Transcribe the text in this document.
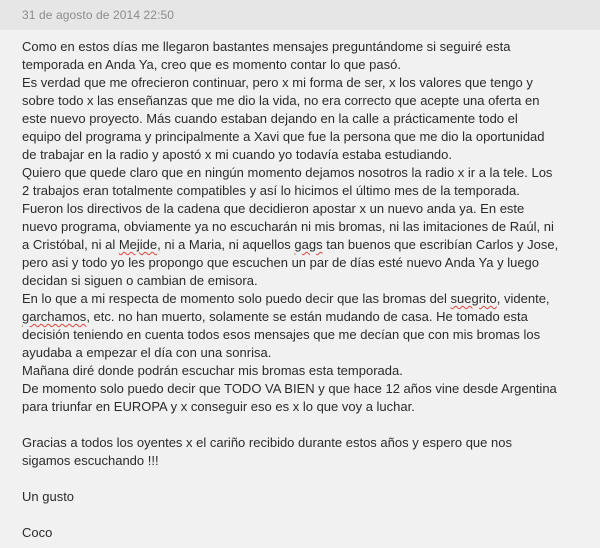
31 de agosto de 2014 22:50

Como en estos días me llegaron bastantes mensajes preguntándome si seguiré esta
temporada en Anda Ya, creo que es momento contar lo que pasó.

Es verdad que me ofrecieron continuar, pero x mi forma de ser, x los valores que tengo y
sobre todo x las enseñanzas que me dio la vida, no era correcto que acepte una oferta en
este nuevo proyecto. Más cuando estaban dejando en la calle a prácticamente todo el
equipo del programa y principalmente a Xavi que fue la persona que me dio la oportunidad
de trabajar en la radio y apostó x mi cuando yo todavía estaba estudiando.

Quiero que quede claro que en ningún momento dejamos nosotros la radio x ir a la tele. Los
2 trabajos eran totalmente compatibles y así lo hicimos el último mes de la temporada.

Fueron los directivos de la cadena que decidieron apostar x un nuevo anda ya. En este
nuevo programa, obviamente ya no escucharán ni mis bromas, ni las imitaciones de Raúl, ni
a Cristóbal, ni al Mejide, ni a Maria, ni aquellos gags tan buenos que escribían Carlos y Jose,
pero asi y todo yo les propongo que escuchen un par de días esté nuevo Anda Ya y luego
decidan si siguen o cambian de emisora.

En lo que a mi respecta de momento solo puedo decir que las bromas del suegrito, vidente,
garchamos, etc. no han muerto, solamente se están mudando de casa. He tomado esta
decisión teniendo en cuenta todos esos mensajes que me decían que con mis bromas los
ayudaba a empezar el día con una sonrisa.

Mañana diré donde podrán escuchar mis bromas esta temporada.

De momento solo puedo decir que TODO VA BIEN y que hace 12 años vine desde Argentina
para triunfar en EUROPA y x conseguir eso es x lo que voy a luchar.

Gracias a todos los oyentes x el cariño recibido durante estos años y espero que nos
sigamos escuchando !!!

Un gusto

Coco
